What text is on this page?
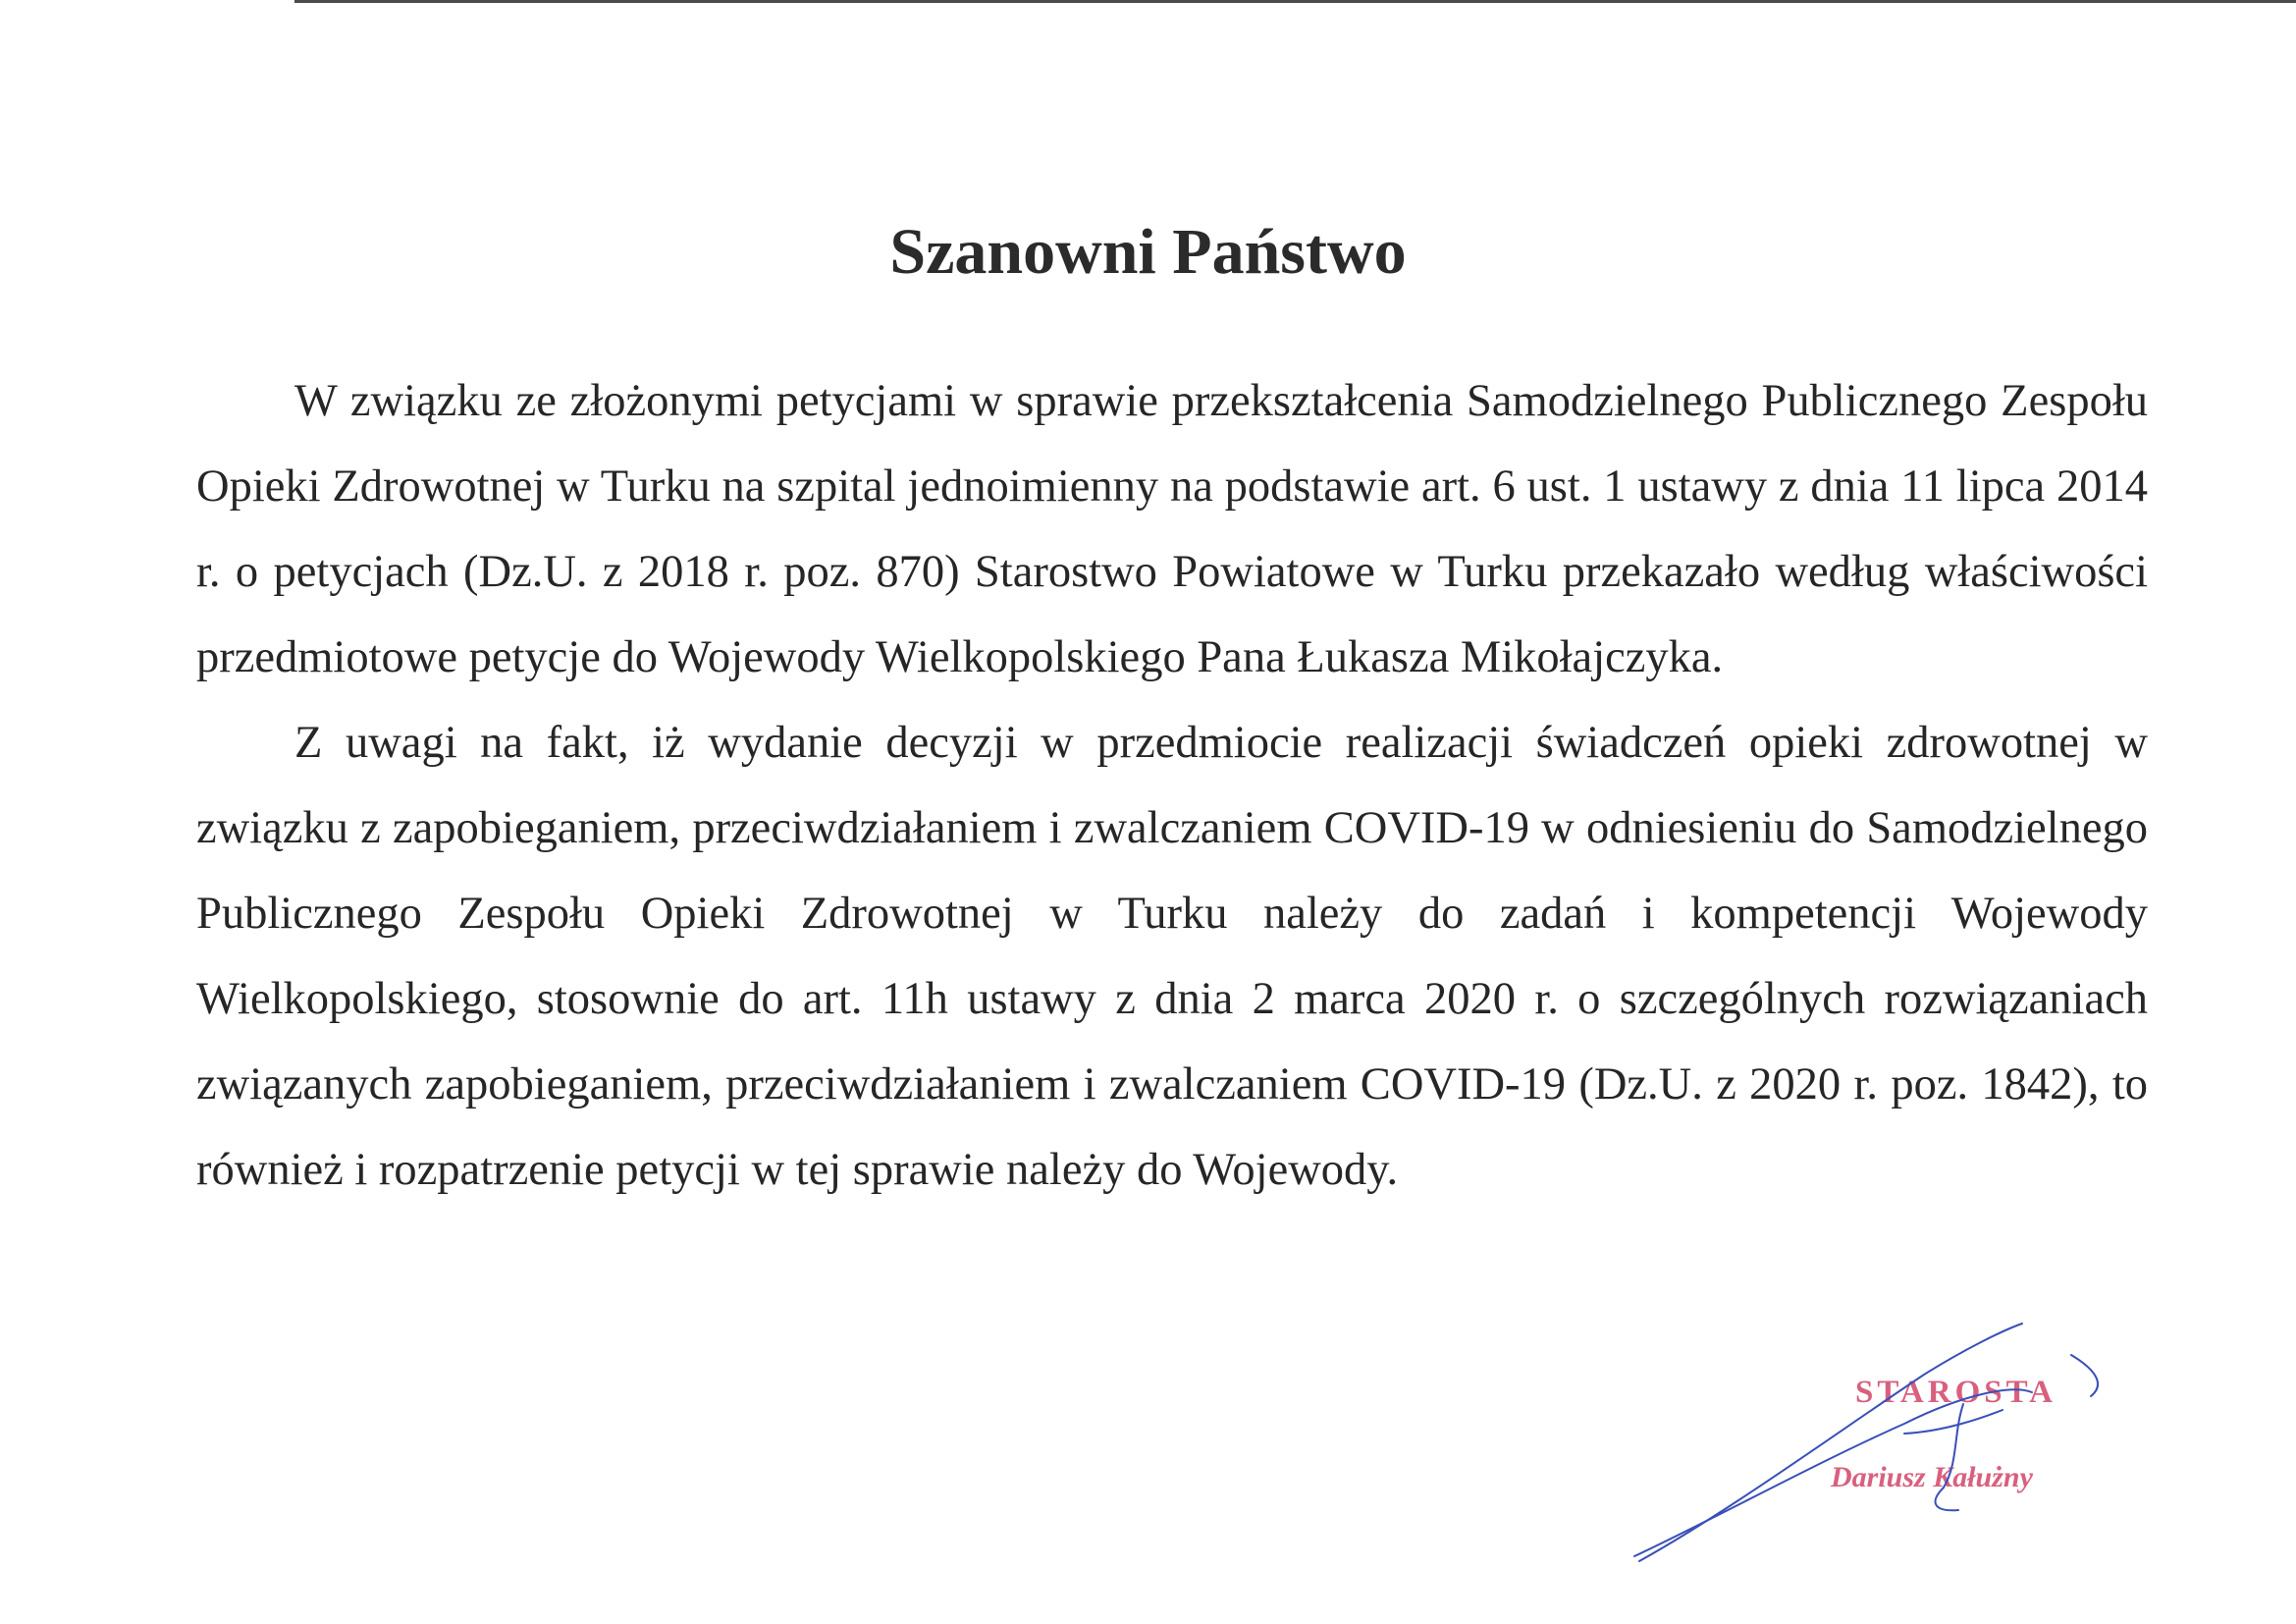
Szanowni Państwo

W związku ze złożonymi petycjami w sprawie przekształcenia Samodzielnego Publicznego Zespołu Opieki Zdrowotnej w Turku na szpital jednoimienny na podstawie art. 6 ust. 1 ustawy z dnia 11 lipca 2014 r. o petycjach (Dz.U. z 2018 r. poz. 870) Starostwo Powiatowe w Turku przekazało według właściwości przedmiotowe petycje do Wojewody Wielkopolskiego Pana Łukasza Mikołajczyka.

Z uwagi na fakt, iż wydanie decyzji w przedmiocie realizacji świadczeń opieki zdrowotnej w związku z zapobieganiem, przeciwdziałaniem i zwalczaniem COVID-19 w odniesieniu do Samodzielnego Publicznego Zespołu Opieki Zdrowotnej w Turku należy do zadań i kompetencji Wojewody Wielkopolskiego, stosownie do art. 11h ustawy z dnia 2 marca 2020 r. o szczególnych rozwiązaniach związanych zapobieganiem, przeciwdziałaniem i zwalczaniem COVID-19 (Dz.U. z 2020 r. poz. 1842), to również i rozpatrzenie petycji w tej sprawie należy do Wojewody.

STAROSTA
Dariusz Kałużny
